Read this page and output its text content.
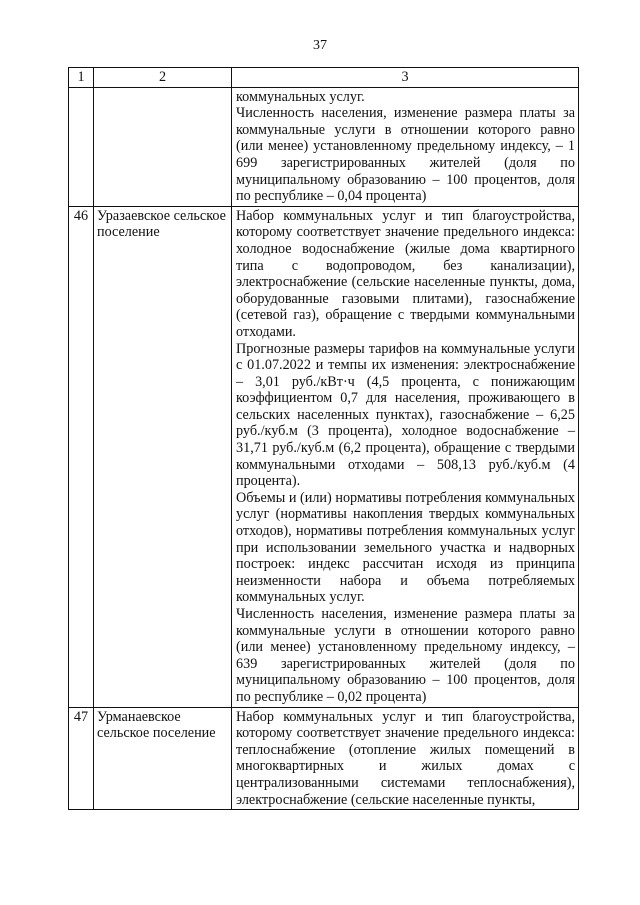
37
1	2	3

		коммунальных услуг.

Численность населения, изменение размера платы за коммунальные услуги в отношении которого равно (или менее) установленному предельному индексу, – 1 699 зарегистрированных жителей (доля по муниципальному образованию – 100 процентов, доля по республике – 0,04 процента)

46	Уразаевское сельское поселение	Набор коммунальных услуг и тип благоустройства, которому соответствует значение предельного индекса: холодное водоснабжение (жилые дома квартирного типа с водопроводом, без канализации), электроснабжение (сельские населенные пункты, дома, оборудованные газовыми плитами), газоснабжение (сетевой газ), обращение с твердыми коммунальными отходами.

Прогнозные размеры тарифов на коммунальные услуги с 01.07.2022 и темпы их изменения: электроснабжение – 3,01 руб./кВт·ч (4,5 процента, с понижающим коэффициентом 0,7 для населения, проживающего в сельских населенных пунктах), газоснабжение – 6,25 руб./куб.м (3 процента), холодное водоснабжение – 31,71 руб./куб.м (6,2 процента), обращение с твердыми коммунальными отходами – 508,13 руб./куб.м (4 процента).

Объемы и (или) нормативы потребления коммунальных услуг (нормативы накопления твердых коммунальных отходов), нормативы потребления коммунальных услуг при использовании земельного участка и надворных построек: индекс рассчитан исходя из принципа неизменности набора и объема потребляемых коммунальных услуг.

Численность населения, изменение размера платы за коммунальные услуги в отношении которого равно (или менее) установленному предельному индексу, – 639 зарегистрированных жителей (доля по муниципальному образованию – 100 процентов, доля по республике – 0,02 процента)

47	Урманаевское сельское поселение	Набор коммунальных услуг и тип благоустройства, которому соответствует значение предельного индекса: теплоснабжение (отопление жилых помещений в многоквартирных и жилых домах с централизованными системами теплоснабжения), электроснабжение (сельские населенные пункты,
